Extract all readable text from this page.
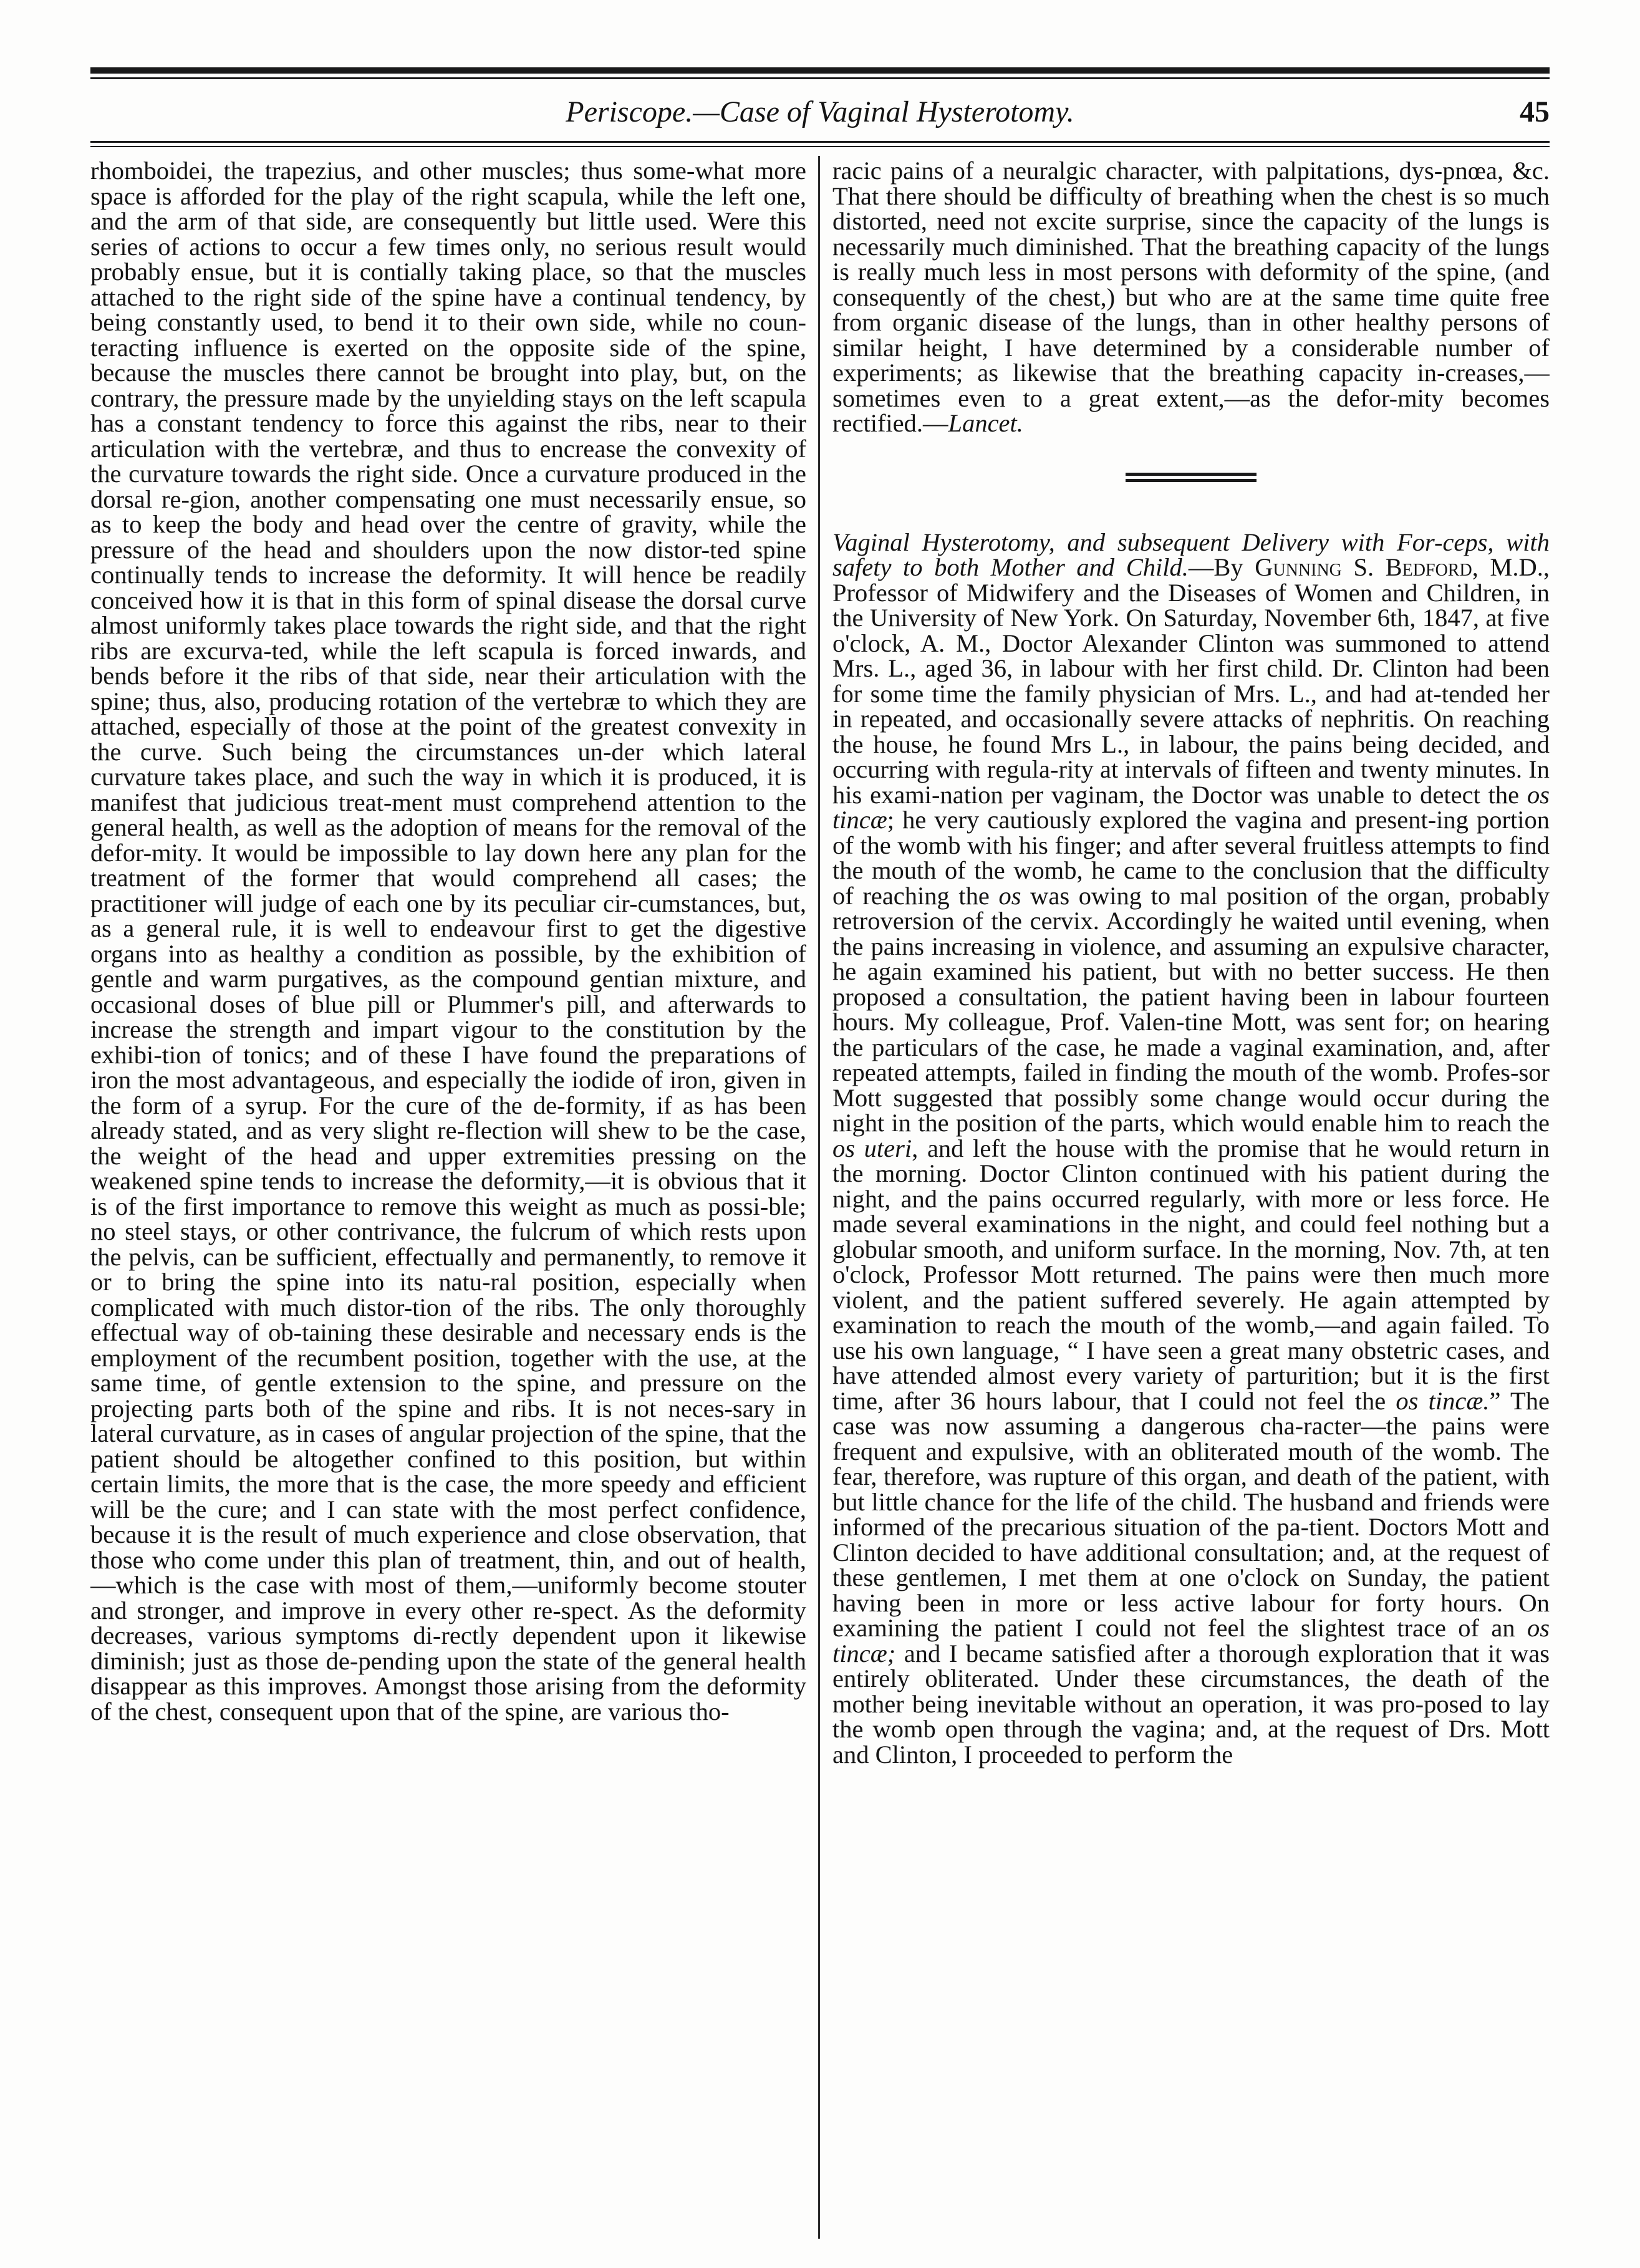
Periscope.—Case of Vaginal Hysterotomy.	45

rhomboidei, the trapezius, and other muscles; thus some-what more space is afforded for the play of the right scapula, while the left one, and the arm of that side, are consequently but little used. Were this series of actions to occur a few times only, no serious result would probably ensue, but it is contially taking place, so that the muscles attached to the right side of the spine have a continual tendency, by being constantly used, to bend it to their own side, while no coun-teracting influence is exerted on the opposite side of the spine, because the muscles there cannot be brought into play, but, on the contrary, the pressure made by the unyielding stays on the left scapula has a constant tendency to force this against the ribs, near to their articulation with the vertebræ, and thus to encrease the convexity of the curvature towards the right side. Once a curvature produced in the dorsal re-gion, another compensating one must necessarily ensue, so as to keep the body and head over the centre of gravity, while the pressure of the head and shoulders upon the now distor-ted spine continually tends to increase the deformity. It will hence be readily conceived how it is that in this form of spinal disease the dorsal curve almost uniformly takes place towards the right side, and that the right ribs are excurva-ted, while the left scapula is forced inwards, and bends before it the ribs of that side, near their articulation with the spine; thus, also, producing rotation of the vertebræ to which they are attached, especially of those at the point of the greatest convexity in the curve. Such being the circumstances un-der which lateral curvature takes place, and such the way in which it is produced, it is manifest that judicious treat-ment must comprehend attention to the general health, as well as the adoption of means for the removal of the defor-mity. It would be impossible to lay down here any plan for the treatment of the former that would comprehend all cases; the practitioner will judge of each one by its peculiar cir-cumstances, but, as a general rule, it is well to endeavour first to get the digestive organs into as healthy a condition as possible, by the exhibition of gentle and warm purgatives, as the compound gentian mixture, and occasional doses of blue pill or Plummer's pill, and afterwards to increase the strength and impart vigour to the constitution by the exhibi-tion of tonics; and of these I have found the preparations of iron the most advantageous, and especially the iodide of iron, given in the form of a syrup. For the cure of the de-formity, if as has been already stated, and as very slight re-flection will shew to be the case, the weight of the head and upper extremities pressing on the weakened spine tends to increase the deformity,—it is obvious that it is of the first importance to remove this weight as much as possi-ble; no steel stays, or other contrivance, the fulcrum of which rests upon the pelvis, can be sufficient, effectually and permanently, to remove it or to bring the spine into its natu-ral position, especially when complicated with much distor-tion of the ribs. The only thoroughly effectual way of ob-taining these desirable and necessary ends is the employment of the recumbent position, together with the use, at the same time, of gentle extension to the spine, and pressure on the projecting parts both of the spine and ribs. It is not neces-sary in lateral curvature, as in cases of angular projection of the spine, that the patient should be altogether confined to this position, but within certain limits, the more that is the case, the more speedy and efficient will be the cure; and I can state with the most perfect confidence, because it is the result of much experience and close observation, that those who come under this plan of treatment, thin, and out of health,—which is the case with most of them,—uniformly become stouter and stronger, and improve in every other re-spect. As the deformity decreases, various symptoms di-rectly dependent upon it likewise diminish; just as those de-pending upon the state of the general health disappear as this improves. Amongst those arising from the deformity of the chest, consequent upon that of the spine, are various tho-

racic pains of a neuralgic character, with palpitations, dys-pnœa, &c. That there should be difficulty of breathing when the chest is so much distorted, need not excite surprise, since the capacity of the lungs is necessarily much diminished. That the breathing capacity of the lungs is really much less in most persons with deformity of the spine, (and consequently of the chest,) but who are at the same time quite free from organic disease of the lungs, than in other healthy persons of similar height, I have determined by a considerable number of experiments; as likewise that the breathing capacity in-creases,—sometimes even to a great extent,—as the defor-mity becomes rectified.—Lancet.

Vaginal Hysterotomy, and subsequent Delivery with For-ceps, with safety to both Mother and Child.—By Gunning S. Bedford, M.D., Professor of Midwifery and the Diseases of Women and Children, in the University of New York. On Saturday, November 6th, 1847, at five o'clock, A. M., Doctor Alexander Clinton was summoned to attend Mrs. L., aged 36, in labour with her first child. Dr. Clinton had been for some time the family physician of Mrs. L., and had at-tended her in repeated, and occasionally severe attacks of nephritis. On reaching the house, he found Mrs L., in labour, the pains being decided, and occurring with regula-rity at intervals of fifteen and twenty minutes. In his exami-nation per vaginam, the Doctor was unable to detect the os tincæ; he very cautiously explored the vagina and present-ing portion of the womb with his finger; and after several fruitless attempts to find the mouth of the womb, he came to the conclusion that the difficulty of reaching the os was owing to mal position of the organ, probably retroversion of the cervix. Accordingly he waited until evening, when the pains increasing in violence, and assuming an expulsive character, he again examined his patient, but with no better success. He then proposed a consultation, the patient having been in labour fourteen hours. My colleague, Prof. Valen-tine Mott, was sent for; on hearing the particulars of the case, he made a vaginal examination, and, after repeated attempts, failed in finding the mouth of the womb. Profes-sor Mott suggested that possibly some change would occur during the night in the position of the parts, which would enable him to reach the os uteri, and left the house with the promise that he would return in the morning. Doctor Clinton continued with his patient during the night, and the pains occurred regularly, with more or less force. He made several examinations in the night, and could feel nothing but a globular smooth, and uniform surface. In the morning, Nov. 7th, at ten o'clock, Professor Mott returned. The pains were then much more violent, and the patient suffered severely. He again attempted by examination to reach the mouth of the womb,—and again failed. To use his own language, “ I have seen a great many obstetric cases, and have attended almost every variety of parturition; but it is the first time, after 36 hours labour, that I could not feel the os tincæ.” The case was now assuming a dangerous cha-racter—the pains were frequent and expulsive, with an obliterated mouth of the womb. The fear, therefore, was rupture of this organ, and death of the patient, with but little chance for the life of the child. The husband and friends were informed of the precarious situation of the pa-tient. Doctors Mott and Clinton decided to have additional consultation; and, at the request of these gentlemen, I met them at one o'clock on Sunday, the patient having been in more or less active labour for forty hours. On examining the patient I could not feel the slightest trace of an os tincæ; and I became satisfied after a thorough exploration that it was entirely obliterated. Under these circumstances, the death of the mother being inevitable without an operation, it was pro-posed to lay the womb open through the vagina; and, at the request of Drs. Mott and Clinton, I proceeded to perform the
